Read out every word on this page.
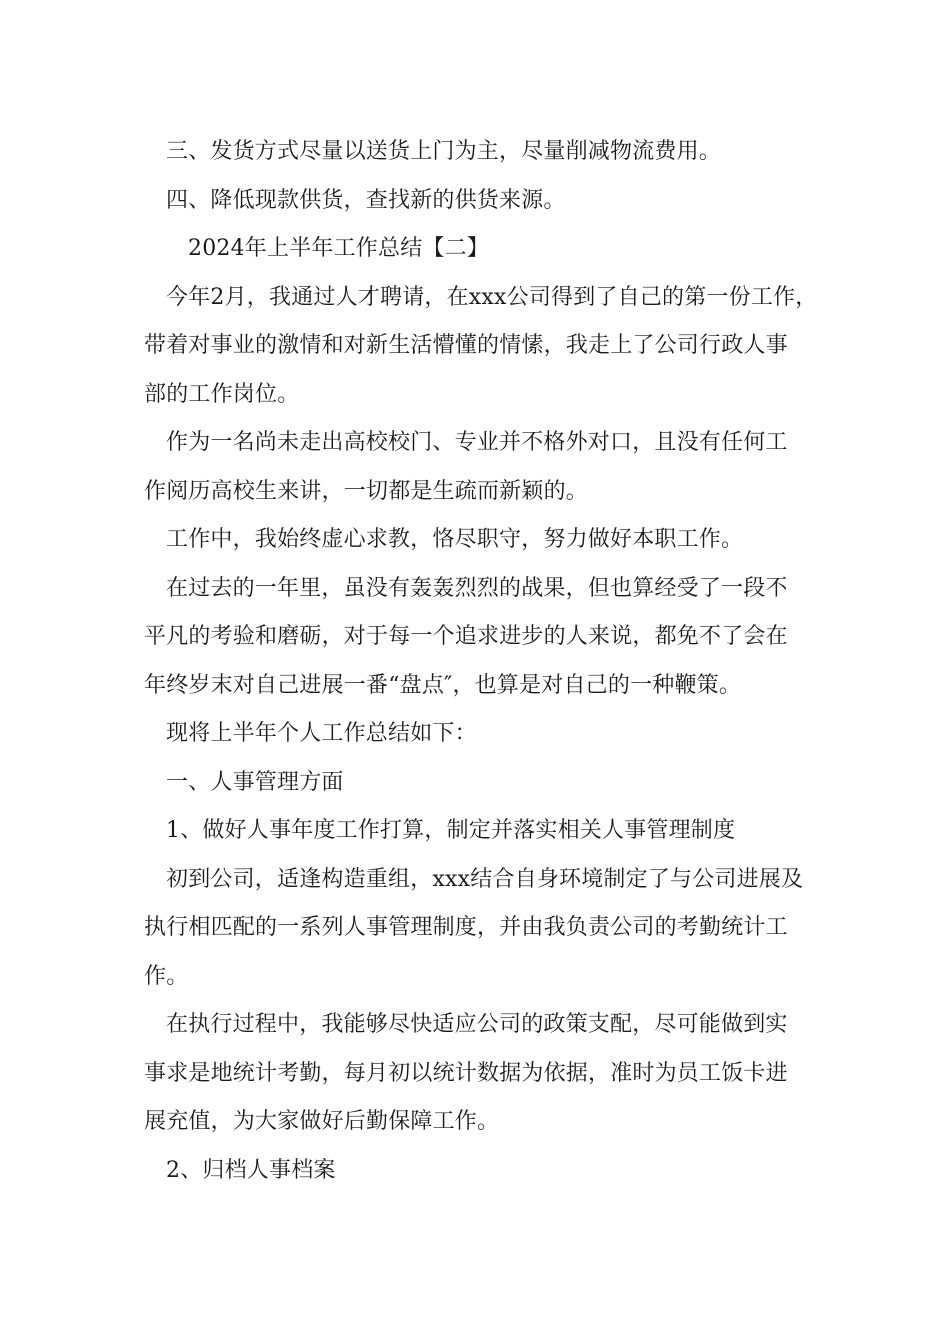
三、发货方式尽量以送货上门为主，尽量削减物流费用。

四、降低现款供货，查找新的供货来源。

2024年上半年工作总结【二】

今年2月，我通过人才聘请，在xxx公司得到了自己的第一份工作，

带着对事业的激情和对新生活懵懂的情愫，我走上了公司行政人事

部的工作岗位。

作为一名尚未走出高校校门、专业并不格外对口，且没有任何工

作阅历高校生来讲，一切都是生疏而新颖的。

工作中，我始终虚心求教，恪尽职守，努力做好本职工作。

在过去的一年里，虽没有轰轰烈烈的战果，但也算经受了一段不

平凡的考验和磨砺，对于每一个追求进步的人来说，都免不了会在

年终岁末对自己进展一番“盘点″，也算是对自己的一种鞭策。

现将上半年个人工作总结如下：

一、人事管理方面

1、做好人事年度工作打算，制定并落实相关人事管理制度

初到公司，适逢构造重组，xxx结合自身环境制定了与公司进展及

执行相匹配的一系列人事管理制度，并由我负责公司的考勤统计工

作。

在执行过程中，我能够尽快适应公司的政策支配，尽可能做到实

事求是地统计考勤，每月初以统计数据为依据，准时为员工饭卡进

展充值，为大家做好后勤保障工作。

2、归档人事档案
